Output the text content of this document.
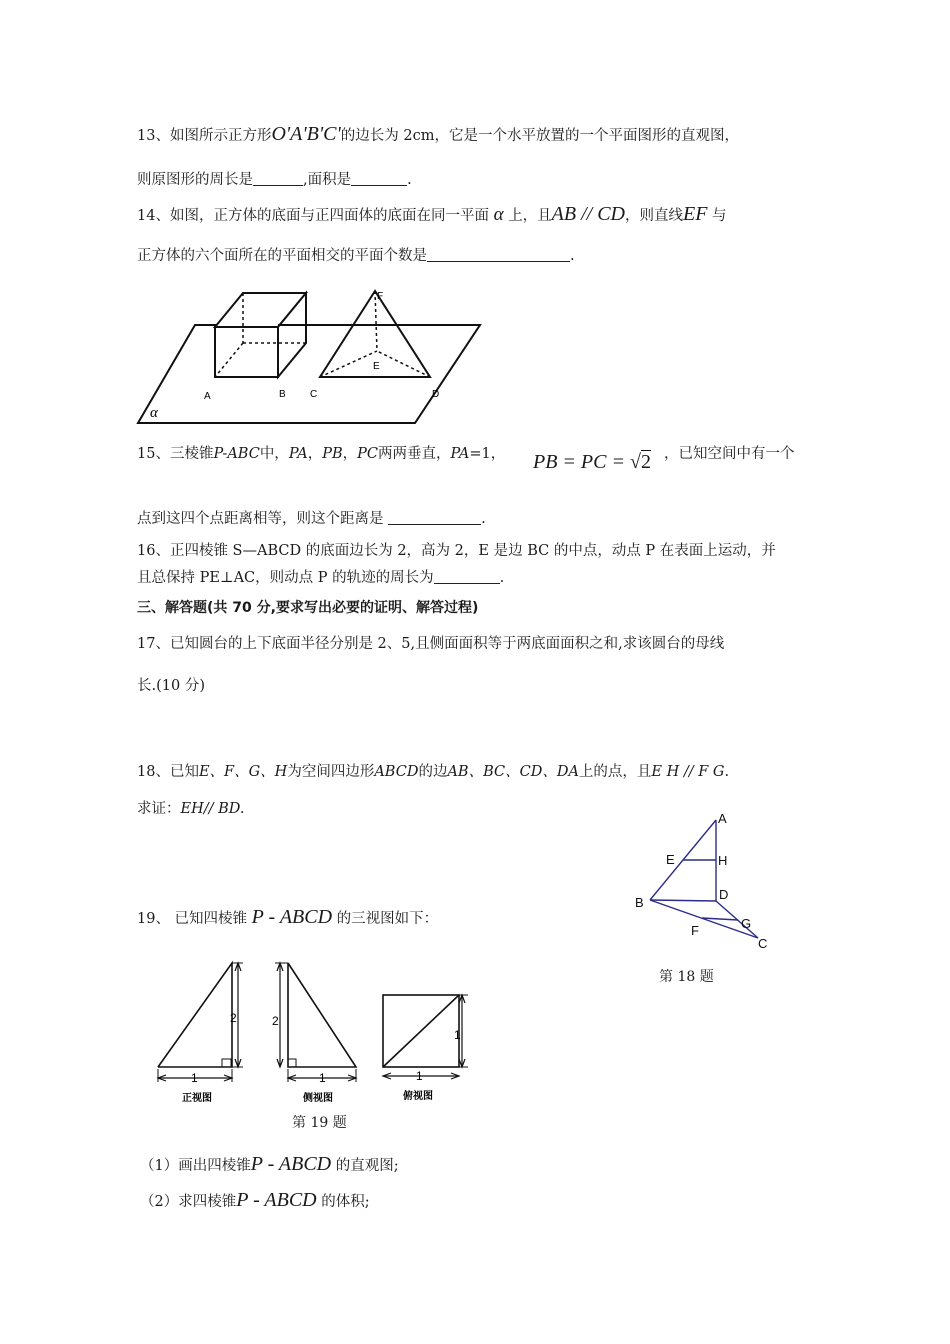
13、如图所示正方形O'A'B'C'的边长为 2cm，它是一个水平放置的一个平面图形的直观图，
则原图形的周长是	,面积是	.
14、如图，正方体的底面与正四面体的底面在同一平面 α 上，且AB // CD，则直线EF 与
正方体的六个面所在的平面相交的平面个数是	.
F
E
A	B C	D
α
15、三棱锥P-ABC中，PA，PB，PC两两垂直，PA=1， PB = PC = √2 ，已知空间中有一个
点到这四个点距离相等，则这个距离是	.
16、正四棱锥 S—ABCD 的底面边长为 2，高为 2，E 是边 BC 的中点，动点 P 在表面上运动，并
且总保持 PE⊥AC，则动点 P 的轨迹的周长为	.
三、解答题(共 70 分,要求写出必要的证明、解答过程)
17、已知圆台的上下底面半径分别是 2、5,且侧面面积等于两底面面积之和,求该圆台的母线
长.(10 分)
18、已知E、F、G、H为空间四边形ABCD的边AB、BC、CD、DA上的点，且E H // F G.
求证：EH// BD.
A
E	H
B
D
G
F
C
第 18 题
19、 已知四棱锥 P - ABCD 的三视图如下：
2
1
正视图
2
1
侧视图
1
1
俯视图
第 19 题
（1）画出四棱锥P - ABCD 的直观图;
（2）求四棱锥P - ABCD 的体积;
